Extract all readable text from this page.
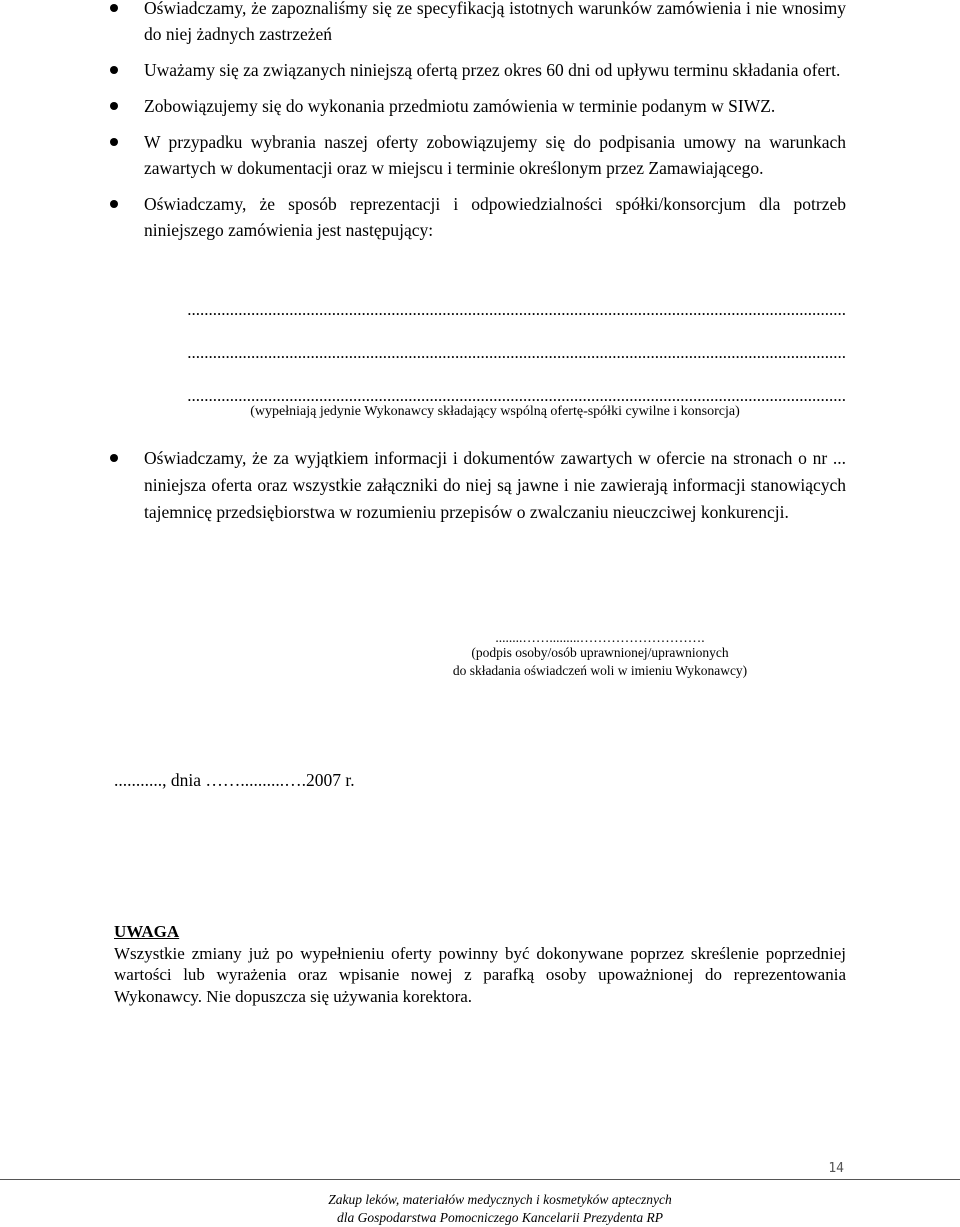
Oświadczamy, że zapoznaliśmy się ze specyfikacją istotnych warunków zamówienia i nie wnosimy do niej żadnych zastrzeżeń
Uważamy się za związanych niniejszą ofertą przez okres 60 dni od upływu terminu składania ofert.
Zobowiązujemy się do wykonania przedmiotu zamówienia w terminie podanym w SIWZ.
W przypadku wybrania naszej oferty zobowiązujemy się do podpisania umowy na warunkach zawartych w dokumentacji oraz w miejscu i terminie określonym przez Zamawiającego.
Oświadczamy, że sposób reprezentacji i odpowiedzialności spółki/konsorcjum dla potrzeb niniejszego zamówienia jest następujący:
...........................................................................................................................................................
...........................................................................................................................................................
...........................................................................................................................................................
(wypełniają jedynie Wykonawcy składający wspólną ofertę-spółki cywilne i konsorcja)
Oświadczamy, że za wyjątkiem informacji i dokumentów zawartych w ofercie na stronach o nr ... niniejsza oferta oraz wszystkie załączniki do niej są jawne i nie zawierają informacji stanowiących tajemnicę przedsiębiorstwa w rozumieniu przepisów o zwalczaniu nieuczciwej konkurencji.
........…….........……………………….
(podpis osoby/osób uprawnionej/uprawnionych
do składania oświadczeń woli w imieniu Wykonawcy)
..........., dnia ……..........….2007 r.
UWAGA
Wszystkie zmiany już po wypełnieniu oferty powinny być dokonywane poprzez skreślenie poprzedniej wartości lub wyrażenia oraz wpisanie nowej z parafką osoby upoważnionej do reprezentowania Wykonawcy. Nie dopuszcza się używania korektora.
14
Zakup leków, materiałów medycznych i kosmetyków aptecznych
dla Gospodarstwa Pomocniczego Kancelarii Prezydenta RP
